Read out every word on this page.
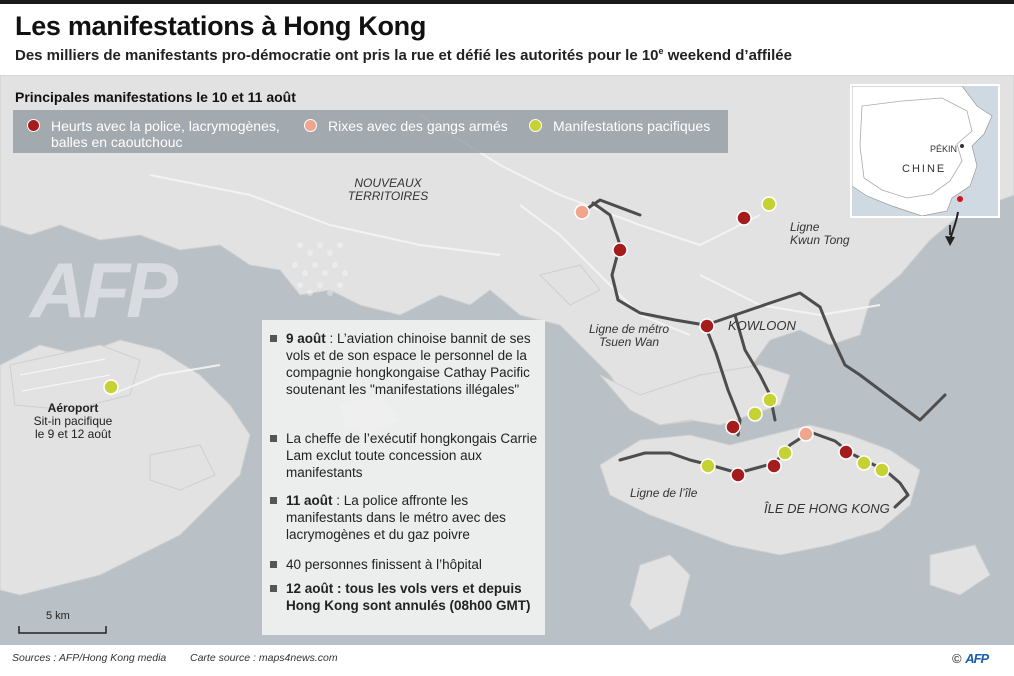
Les manifestations à Hong Kong
Des milliers de manifestants pro-démocratie ont pris la rue et défié les autorités pour le 10e weekend d’affilée
AFP
Principales manifestations le 10 et 11 août
Heurts avec la police, lacrymogènes,
balles en caoutchouc
Rixes avec des gangs armés	Manifestations pacifiques
NOUVEAUX
TERRITOIRES
KOWLOON
ÎLE DE HONG KONG
Ligne
Kwun Tong
Ligne de métro
Tsuen Wan
Ligne de l’île
Aéroport
Sit-in pacifique
le 9 et 12 août
9 août : L’aviation chinoise bannit de ses vols et de son espace le personnel de la compagnie hongkongaise Cathay Pacific soutenant les "manifestations illégales"
La cheffe de l’exécutif hongkongais Carrie Lam exclut toute concession aux manifestants
11 août : La police affronte les manifestants dans le métro avec des lacrymogènes et du gaz poivre
40 personnes finissent à l’hôpital
12 août : tous les vols vers et depuis Hong Kong sont annulés (08h00 GMT)
PÉKIN
CHINE
5 km
Sources : AFP/Hong Kong media Carte source : maps4news.com	© AFP
